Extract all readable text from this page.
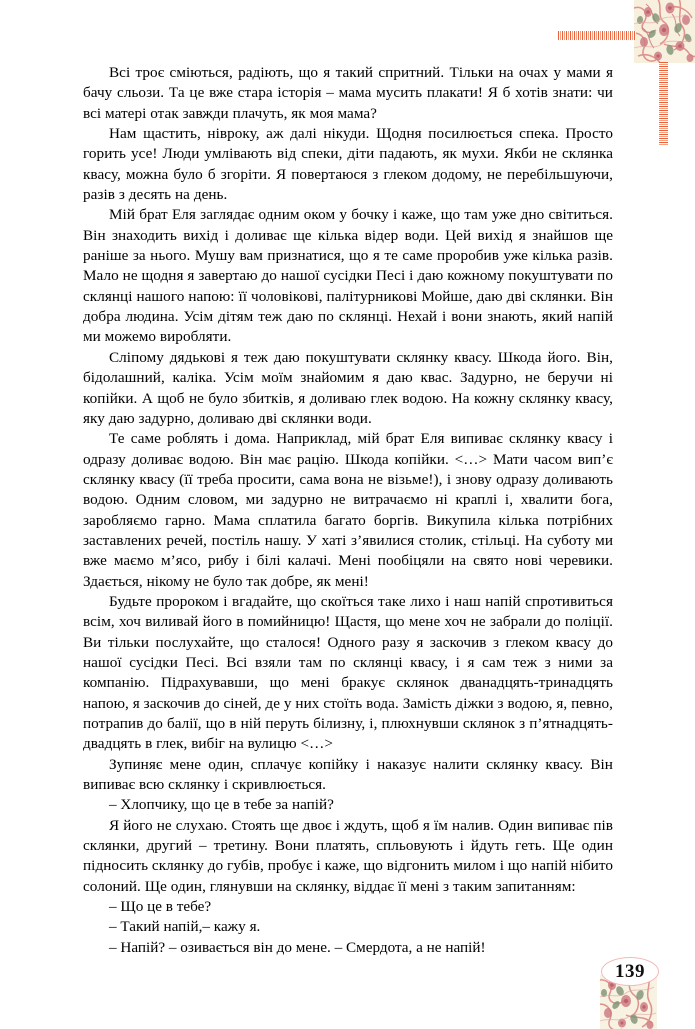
Всі троє сміються, радіють, що я такий спритний. Тільки на очах у мами я бачу сльози. Та це вже стара історія – мама мусить плакати! Я б хотів знати: чи всі матері отак завжди плачуть, як моя мама?

Нам щастить, нівроку, аж далі нікуди. Щодня посилюється спека. Просто горить усе! Люди умлівають від спеки, діти падають, як мухи. Якби не склянка квасу, можна було б згоріти. Я повертаюся з глеком додому, не перебільшуючи, разів з десять на день.

Мій брат Еля заглядає одним оком у бочку і каже, що там уже дно світиться. Він знаходить вихід і доливає ще кілька відер води. Цей вихід я знайшов ще раніше за нього. Мушу вам признатися, що я те саме проробив уже кілька разів. Мало не щодня я завертаю до нашої сусідки Песі і даю кожному покуштувати по склянці нашого напою: її чоловікові, палітурникові Мойше, даю дві склянки. Він добра людина. Усім дітям теж даю по склянці. Нехай і вони знають, який напій ми можемо виробляти.

Сліпому дядькові я теж даю покуштувати склянку квасу. Шкода його. Він, бідолашний, каліка. Усім моїм знайомим я даю квас. Задурно, не беручи ні копійки. А щоб не було збитків, я доливаю глек водою. На кожну склянку квасу, яку даю задурно, доливаю дві склянки води.

Те саме роблять і дома. Наприклад, мій брат Еля випиває склянку квасу і одразу доливає водою. Він має рацію. Шкода копійки. <…> Мати часом вип’є склянку квасу (її треба просити, сама вона не візьме!), і знову одразу доливають водою. Одним словом, ми задурно не витрачаємо ні краплі і, хвалити бога, заробляємо гарно. Мама сплатила багато боргів. Викупила кілька потрібних заставлених речей, постіль нашу. У хаті з’явилися столик, стільці. На суботу ми вже маємо м’ясо, рибу і білі калачі. Мені пообіцяли на свято нові черевики. Здається, нікому не було так добре, як мені!

Будьте пророком і вгадайте, що скоїться таке лихо і наш напій спротивиться всім, хоч виливай його в помийницю! Щастя, що мене хоч не забрали до поліції. Ви тільки послухайте, що сталося! Одного разу я заскочив з глеком квасу до нашої сусідки Песі. Всі взяли там по склянці квасу, і я сам теж з ними за компанію. Підрахувавши, що мені бракує склянок дванадцять-тринадцять напою, я заскочив до сіней, де у них стоїть вода. Замість діжки з водою, я, певно, потрапив до балії, що в ній перуть білизну, і, плюхнувши склянок з п’ятнадцять-двадцять в глек, вибіг на вулицю <…>

Зупиняє мене один, сплачує копійку і наказує налити склянку квасу. Він випиває всю склянку і скривлюється.

– Хлопчику, що це в тебе за напій?

Я його не слухаю. Стоять ще двоє і ждуть, щоб я їм налив. Один випиває пів склянки, другий – третину. Вони платять, спльовують і йдуть геть. Ще один підносить склянку до губів, пробує і каже, що відгонить милом і що напій нібито солоний. Ще один, глянувши на склянку, віддає її мені з таким запитанням:

– Що це в тебе?

– Такий напій,– кажу я.

– Напій? – озивається він до мене. – Смердота, а не напій!

139
